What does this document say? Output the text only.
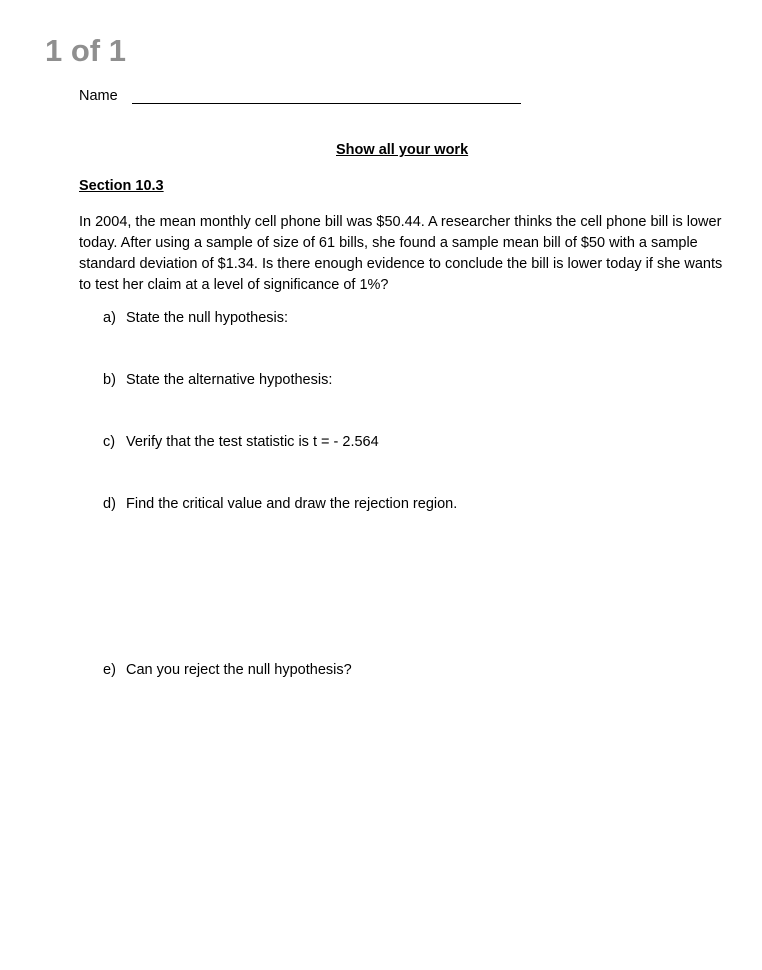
1 of 1
Name
Show all your work
Section 10.3
In 2004, the mean monthly cell phone bill was $50.44. A researcher thinks the cell phone bill is lower today. After using a sample of size of 61 bills, she found a sample mean bill of $50 with a sample standard deviation of $1.34. Is there enough evidence to conclude the bill is lower today if she wants to test her claim at a level of significance of 1%?
a) State the null hypothesis:
b) State the alternative hypothesis:
c) Verify that the test statistic is t = - 2.564
d) Find the critical value and draw the rejection region.
e) Can you reject the null hypothesis?
